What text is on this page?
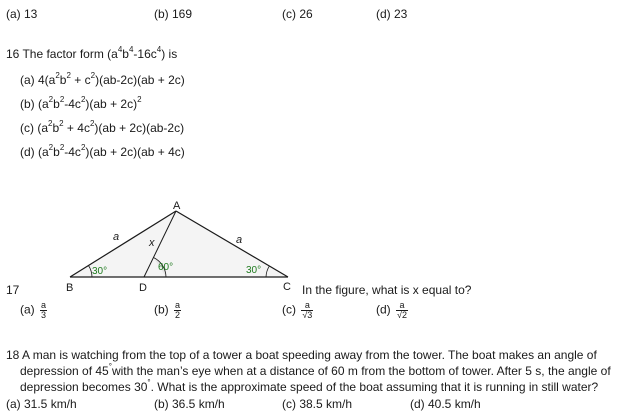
(a) 13	(b) 169	(c) 26	(d) 23
16 The factor form $(a^4b^4-16c^4)$ is
(a) $4(a^2b^2 + c^2)(ab-2c)(ab + 2c)$
(b) $(a^2b^2-4c^2)(ab + 2c)^2$
(c) $(a^2b^2 + 4c^2)(ab + 2c)(ab-2c)$
(d) $(a^2b^2-4c^2)(ab + 2c)(ab + 4c)$
A
B	D	C
a	a
x
30°	60°	30°
17	In the figure, what is x equal to?
$(a) \frac{a}{3}$	$(b) \frac{a}{2}$	$(c) \frac{a}{√3}$	$(d) \frac{a}{√2}$
18 A man is watching from the top of a tower a boat speeding away from the tower. The boat makes an angle of
depression of 45°with the man’s eye when at a distance of 60 m from the bottom of tower. After 5 s, the angle of
depression becomes 30°. What is the approximate speed of the boat assuming that it is running in still water?
(a) 31.5 km/h	(b) 36.5 km/h	(c) 38.5 km/h	(d) 40.5 km/h
